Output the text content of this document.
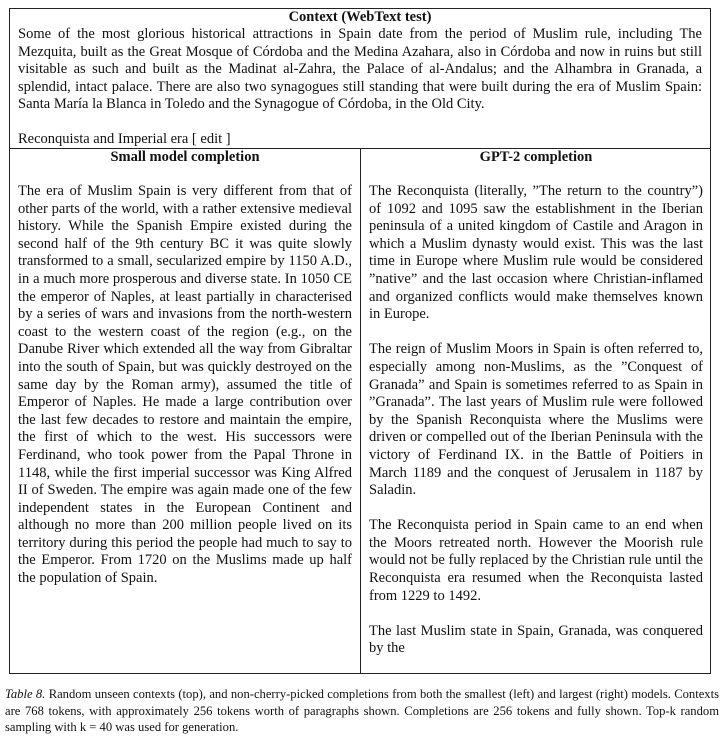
Context (WebText test)

Some of the most glorious historical attractions in Spain date from the period of Muslim rule, including The Mezquita, built as the Great Mosque of Córdoba and the Medina Azahara, also in Córdoba and now in ruins but still visitable as such and built as the Madinat al-Zahra, the Palace of al-Andalus; and the Alhambra in Granada, a splendid, intact palace. There are also two synagogues still standing that were built during the era of Muslim Spain: Santa María la Blanca in Toledo and the Synagogue of Córdoba, in the Old City.

Reconquista and Imperial era [ edit ]

Small model completion

The era of Muslim Spain is very different from that of other parts of the world, with a rather extensive medieval history. While the Spanish Empire existed during the second half of the 9th century BC it was quite slowly transformed to a small, secularized empire by 1150 A.D., in a much more prosperous and diverse state. In 1050 CE the emperor of Naples, at least partially in characterised by a series of wars and invasions from the north-western coast to the western coast of the region (e.g., on the Danube River which extended all the way from Gibraltar into the south of Spain, but was quickly destroyed on the same day by the Roman army), assumed the title of Emperor of Naples. He made a large contribution over the last few decades to restore and maintain the empire, the first of which to the west. His successors were Ferdinand, who took power from the Papal Throne in 1148, while the first imperial successor was King Alfred II of Sweden. The empire was again made one of the few independent states in the European Continent and although no more than 200 million people lived on its territory during this period the people had much to say to the Emperor. From 1720 on the Muslims made up half the population of Spain.

GPT-2 completion

The Reconquista (literally, ”The return to the country”) of 1092 and 1095 saw the establishment in the Iberian peninsula of a united kingdom of Castile and Aragon in which a Muslim dynasty would exist. This was the last time in Europe where Muslim rule would be considered ”native” and the last occasion where Christian-inflamed and organized conflicts would make themselves known in Europe.

The reign of Muslim Moors in Spain is often referred to, especially among non-Muslims, as the ”Conquest of Granada” and Spain is sometimes referred to as Spain in ”Granada”. The last years of Muslim rule were followed by the Spanish Reconquista where the Muslims were driven or compelled out of the Iberian Peninsula with the victory of Ferdinand IX. in the Battle of Poitiers in March 1189 and the conquest of Jerusalem in 1187 by Saladin.

The Reconquista period in Spain came to an end when the Moors retreated north. However the Moorish rule would not be fully replaced by the Christian rule until the Reconquista era resumed when the Reconquista lasted from 1229 to 1492.

The last Muslim state in Spain, Granada, was conquered by the

Table 8. Random unseen contexts (top), and non-cherry-picked completions from both the smallest (left) and largest (right) models. Contexts are 768 tokens, with approximately 256 tokens worth of paragraphs shown. Completions are 256 tokens and fully shown. Top-k random sampling with k = 40 was used for generation.
